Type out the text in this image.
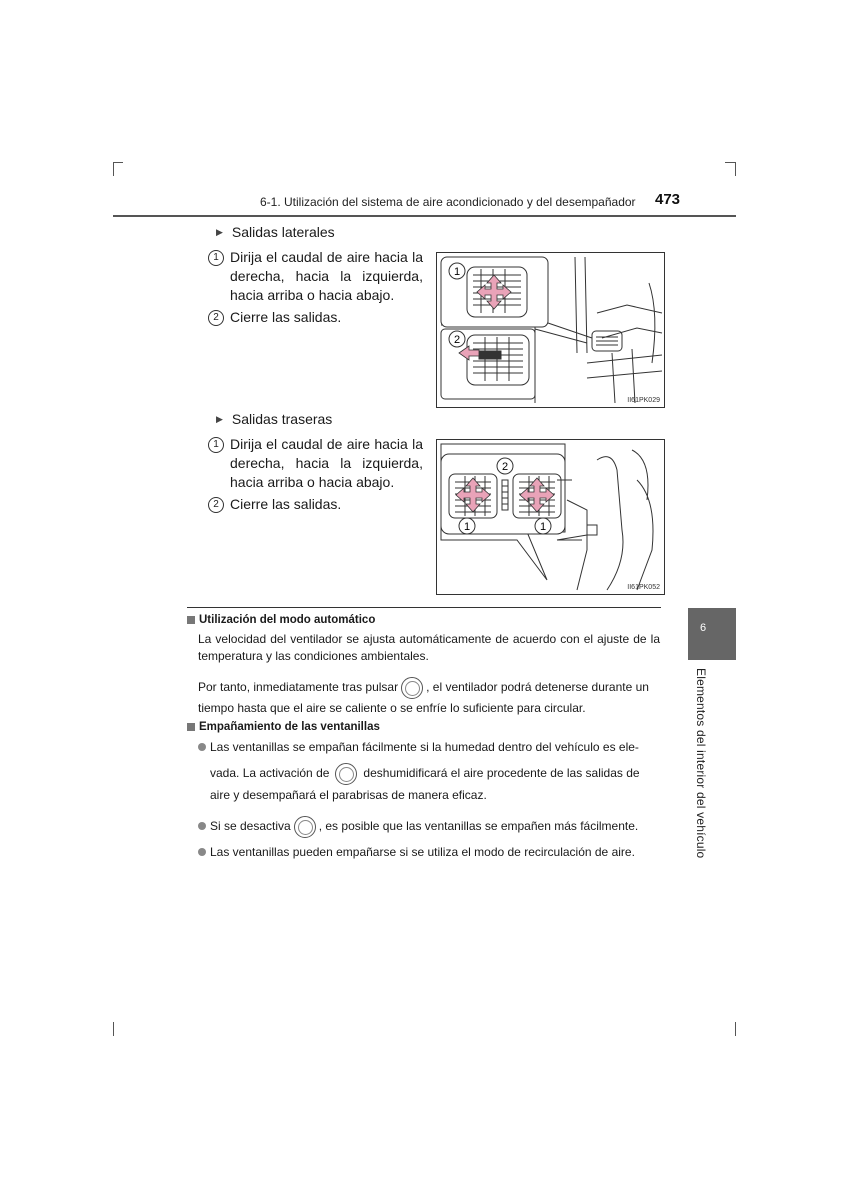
6-1. Utilización del sistema de aire acondicionado y del desempañador 473
▶ Salidas laterales
1 Dirija el caudal de aire hacia la derecha, hacia la izquierda, hacia arriba o hacia abajo.
2 Cierre las salidas.
1
2
II61PK029
▶ Salidas traseras
1 Dirija el caudal de aire hacia la derecha, hacia la izquierda, hacia arriba o hacia abajo.
2 Cierre las salidas.
2
1	1
II61PK052
Utilización del modo automático
La velocidad del ventilador se ajusta automáticamente de acuerdo con el ajuste de la temperatura y las condiciones ambientales.
Por tanto, inmediatamente tras pulsar , el ventilador podrá detenerse durante un
tiempo hasta que el aire se caliente o se enfríe lo suficiente para circular.
Empañamiento de las ventanillas
Las ventanillas se empañan fácilmente si la humedad dentro del vehículo es ele-
vada. La activación de	deshumidificará el aire procedente de las salidas de
aire y desempañará el parabrisas de manera eficaz.
Si se desactiva , es posible que las ventanillas se empañen más fácilmente.
Las ventanillas pueden empañarse si se utiliza el modo de recirculación de aire.
6
Elementos del interior del vehículo
